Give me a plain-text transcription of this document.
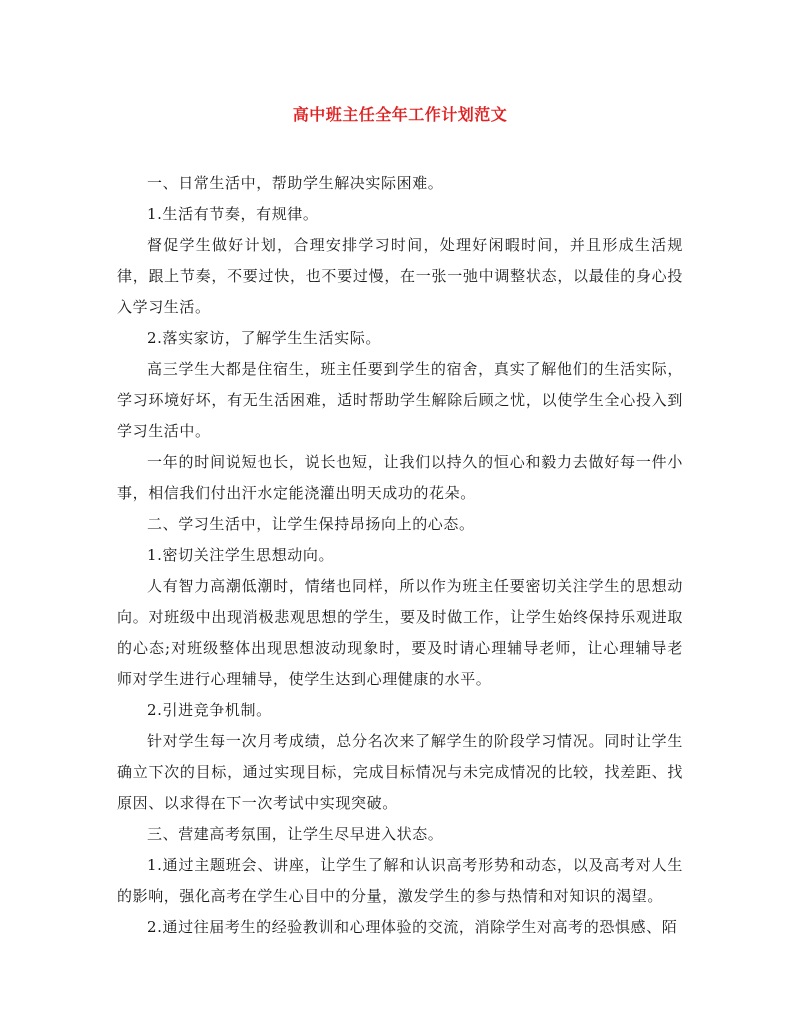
高中班主任全年工作计划范文

一、日常生活中，帮助学生解决实际困难。

1.生活有节奏，有规律。

督促学生做好计划，合理安排学习时间，处理好闲暇时间，并且形成生活规律，跟上节奏，不要过快，也不要过慢，在一张一弛中调整状态，以最佳的身心投入学习生活。

2.落实家访，了解学生生活实际。

高三学生大都是住宿生，班主任要到学生的宿舍，真实了解他们的生活实际，学习环境好坏，有无生活困难，适时帮助学生解除后顾之忧，以使学生全心投入到学习生活中。

一年的时间说短也长，说长也短，让我们以持久的恒心和毅力去做好每一件小事，相信我们付出汗水定能浇灌出明天成功的花朵。

二、学习生活中，让学生保持昂扬向上的心态。

1.密切关注学生思想动向。

人有智力高潮低潮时，情绪也同样，所以作为班主任要密切关注学生的思想动向。对班级中出现消极悲观思想的学生，要及时做工作，让学生始终保持乐观进取的心态;对班级整体出现思想波动现象时，要及时请心理辅导老师，让心理辅导老师对学生进行心理辅导，使学生达到心理健康的水平。

2.引进竞争机制。

针对学生每一次月考成绩，总分名次来了解学生的阶段学习情况。同时让学生确立下次的目标，通过实现目标，完成目标情况与未完成情况的比较，找差距、找原因、以求得在下一次考试中实现突破。

三、营建高考氛围，让学生尽早进入状态。

1.通过主题班会、讲座，让学生了解和认识高考形势和动态，以及高考对人生的影响，强化高考在学生心目中的分量，激发学生的参与热情和对知识的渴望。

2.通过往届考生的经验教训和心理体验的交流，消除学生对高考的恐惧感、陌
